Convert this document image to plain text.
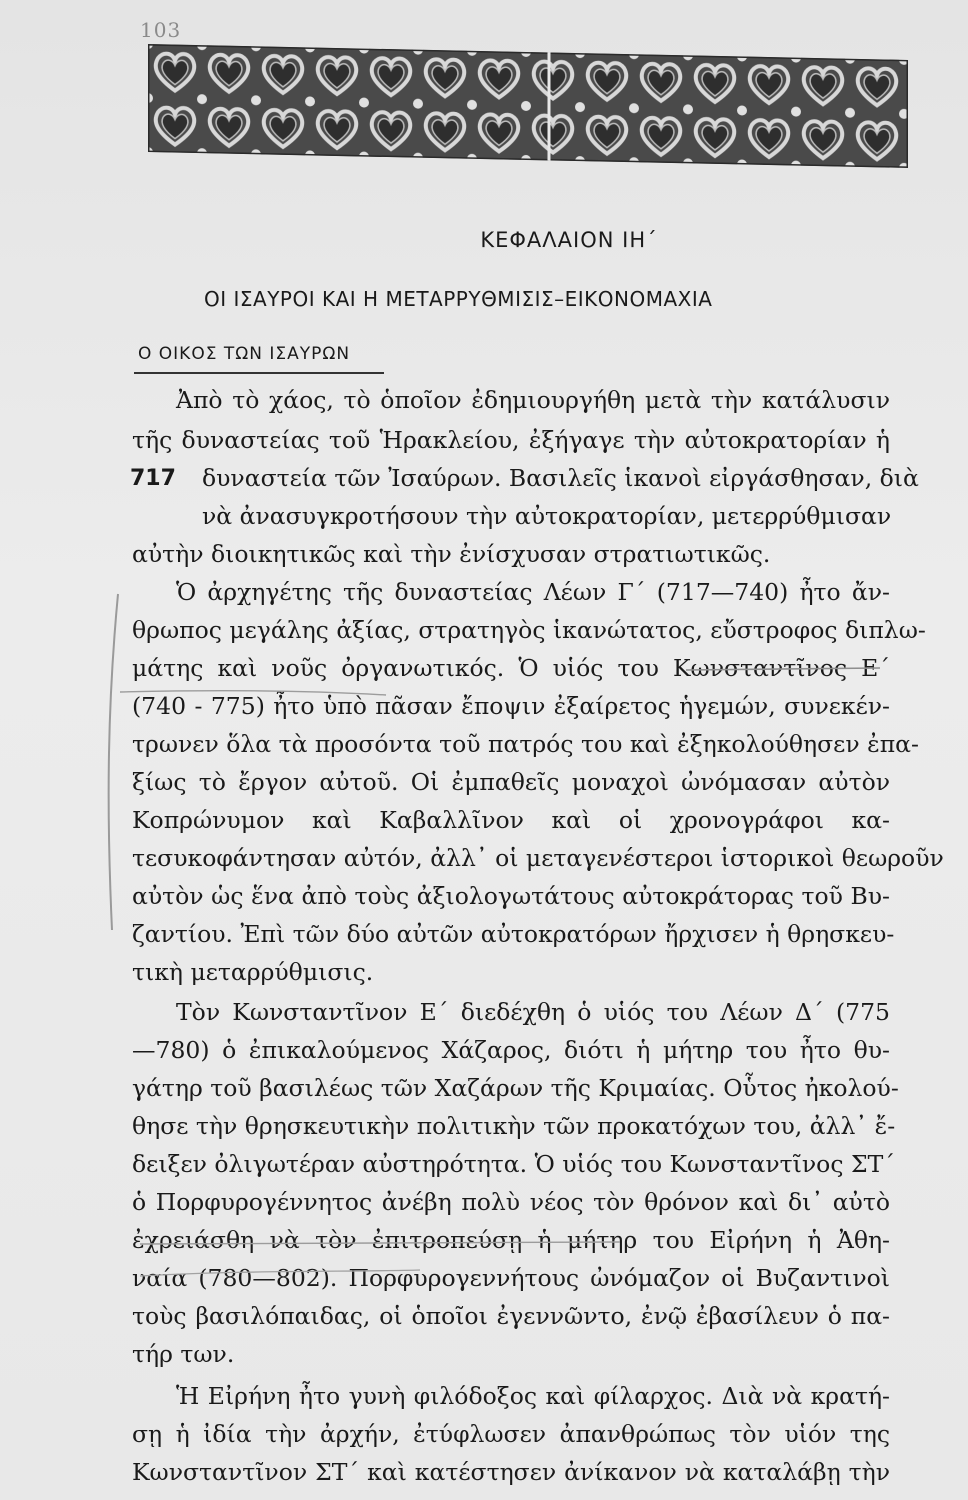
103
ΚΕΦΑΛΑΙΟΝ ΙΗ΄
ΟΙ ΙΣΑΥΡΟΙ ΚΑΙ Η ΜΕΤΑΡΡΥΘΜΙΣΙΣ–ΕΙΚΟΝΟΜΑΧΙΑ
Ο ΟΙΚΟΣ ΤΩΝ ΙΣΑΥΡΩΝ
717
Ἀπὸ τὸ χάος, τὸ ὁποῖον ἐδημιουργήθη μετὰ τὴν κατάλυσιν
τῆς δυναστείας τοῦ Ἡρακλείου, ἐξήγαγε τὴν αὐτοκρατορίαν ἡ
δυναστεία τῶν Ἰσαύρων. Βασιλεῖς ἱκανοὶ εἰργάσθησαν, διὰ
νὰ ἀνασυγκροτήσουν τὴν αὐτοκρατορίαν, μετερρύθμισαν
αὐτὴν διοικητικῶς καὶ τὴν ἐνίσχυσαν στρατιωτικῶς.
Ὁ ἀρχηγέτης τῆς δυναστείας Λέων Γ΄ (717—740) ἦτο ἄν-
θρωπος μεγάλης ἀξίας, στρατηγὸς ἱκανώτατος, εὔστροφος διπλω-
μάτης καὶ νοῦς ὀργανωτικός. Ὁ υἱός του Κωνσταντῖνος Ε΄
(740 - 775) ἦτο ὑπὸ πᾶσαν ἔποψιν ἐξαίρετος ἡγεμών, συνεκέν-
τρωνεν ὅλα τὰ προσόντα τοῦ πατρός του καὶ ἐξηκολούθησεν ἐπα-
ξίως τὸ ἔργον αὐτοῦ. Οἱ ἐμπαθεῖς μοναχοὶ ὠνόμασαν αὐτὸν
Κοπρώνυμον καὶ Καβαλλῖνον καὶ οἱ χρονογράφοι κα-
τεσυκοφάντησαν αὐτόν, ἀλλ᾽ οἱ μεταγενέστεροι ἱστορικοὶ θεωροῦν
αὐτὸν ὡς ἕνα ἀπὸ τοὺς ἀξιολογωτάτους αὐτοκράτορας τοῦ Βυ-
ζαντίου. Ἐπὶ τῶν δύο αὐτῶν αὐτοκρατόρων ἤρχισεν ἡ θρησκευ-
τικὴ μεταρρύθμισις.
Τὸν Κωνσταντῖνον Ε΄ διεδέχθη ὁ υἱός του Λέων Δ΄ (775
—780) ὁ ἐπικαλούμενος Χάζαρος, διότι ἡ μήτηρ του ἦτο θυ-
γάτηρ τοῦ βασιλέως τῶν Χαζάρων τῆς Κριμαίας. Οὗτος ἠκολού-
θησε τὴν θρησκευτικὴν πολιτικὴν τῶν προκατόχων του, ἀλλ᾽ ἔ-
δειξεν ὀλιγωτέραν αὐστηρότητα. Ὁ υἱός του Κωνσταντῖνος ΣΤ΄
ὁ Πορφυρογέννητος ἀνέβη πολὺ νέος τὸν θρόνον καὶ δι᾽ αὐτὸ
ἐχρειάσθη νὰ τὸν ἐπιτροπεύσῃ ἡ μήτηρ του Εἰρήνη ἡ Ἀθη-
ναία (780—802). Πορφυρογεννήτους ὠνόμαζον οἱ Βυζαντινοὶ
τοὺς βασιλόπαιδας, οἱ ὁποῖοι ἐγεννῶντο, ἐνῷ ἐβασίλευν ὁ πα-
τήρ των.
Ἡ Εἰρήνη ἦτο γυνὴ φιλόδοξος καὶ φίλαρχος. Διὰ νὰ κρατή-
σῃ ἡ ἰδία τὴν ἀρχήν, ἐτύφλωσεν ἀπανθρώπως τὸν υἱόν της
Κωνσταντῖνον ΣΤ΄ καὶ κατέστησεν ἀνίκανον νὰ καταλάβῃ τὴν
